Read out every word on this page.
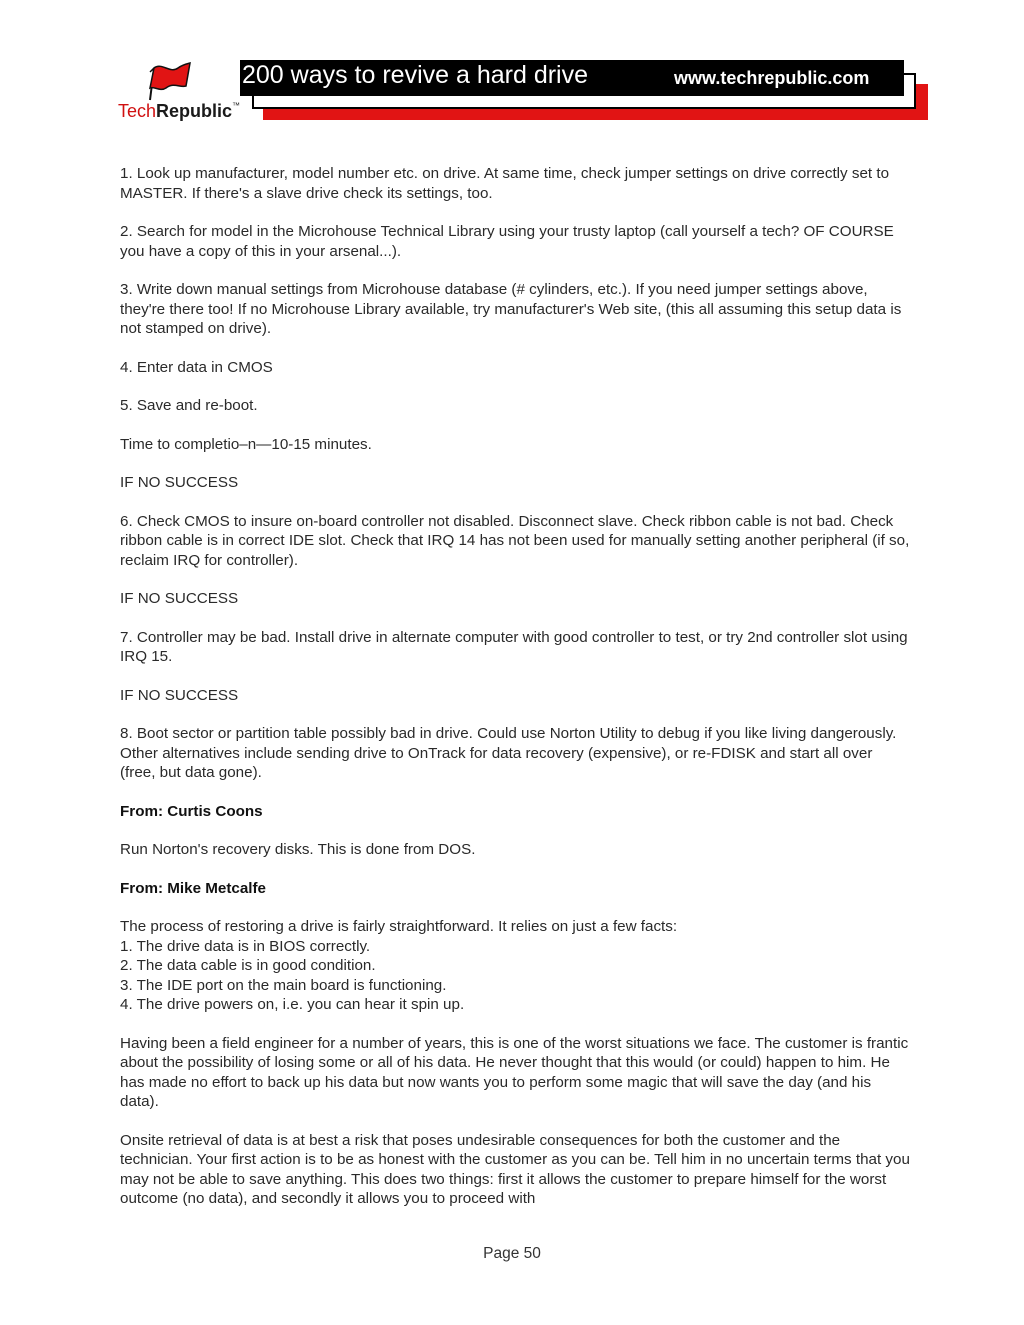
TechRepublic™
200 ways to revive a hard drive	www.techrepublic.com

1. Look up manufacturer, model number etc. on drive. At same time, check jumper settings on drive correctly set to MASTER. If there's a slave drive check its settings, too.

2. Search for model in the Microhouse Technical Library using your trusty laptop (call yourself a tech? OF COURSE you have a copy of this in your arsenal...).

3. Write down manual settings from Microhouse database (# cylinders, etc.). If you need jumper settings above, they're there too! If no Microhouse Library available, try manufacturer's Web site, (this all assuming this setup data is not stamped on drive).

4. Enter data in CMOS

5. Save and re-boot.

Time to completio–n—10-15 minutes.

IF NO SUCCESS

6. Check CMOS to insure on-board controller not disabled. Disconnect slave. Check ribbon cable is not bad. Check ribbon cable is in correct IDE slot. Check that IRQ 14 has not been used for manually setting another peripheral (if so, reclaim IRQ for controller).

IF NO SUCCESS

7. Controller may be bad. Install drive in alternate computer with good controller to test, or try 2nd controller slot using IRQ 15.

IF NO SUCCESS

8. Boot sector or partition table possibly bad in drive. Could use Norton Utility to debug if you like living dangerously. Other alternatives include sending drive to OnTrack for data recovery (expensive), or re-FDISK and start all over (free, but data gone).

From: Curtis Coons

Run Norton's recovery disks. This is done from DOS.

From: Mike Metcalfe

The process of restoring a drive is fairly straightforward. It relies on just a few facts:
1. The drive data is in BIOS correctly.
2. The data cable is in good condition.
3. The IDE port on the main board is functioning.
4. The drive powers on, i.e. you can hear it spin up.

Having been a field engineer for a number of years, this is one of the worst situations we face. The customer is frantic about the possibility of losing some or all of his data. He never thought that this would (or could) happen to him. He has made no effort to back up his data but now wants you to perform some magic that will save the day (and his data).

Onsite retrieval of data is at best a risk that poses undesirable consequences for both the customer and the technician. Your first action is to be as honest with the customer as you can be. Tell him in no uncertain terms that you may not be able to save anything. This does two things: first it allows the customer to prepare himself for the worst outcome (no data), and secondly it allows you to proceed with

Page 50
